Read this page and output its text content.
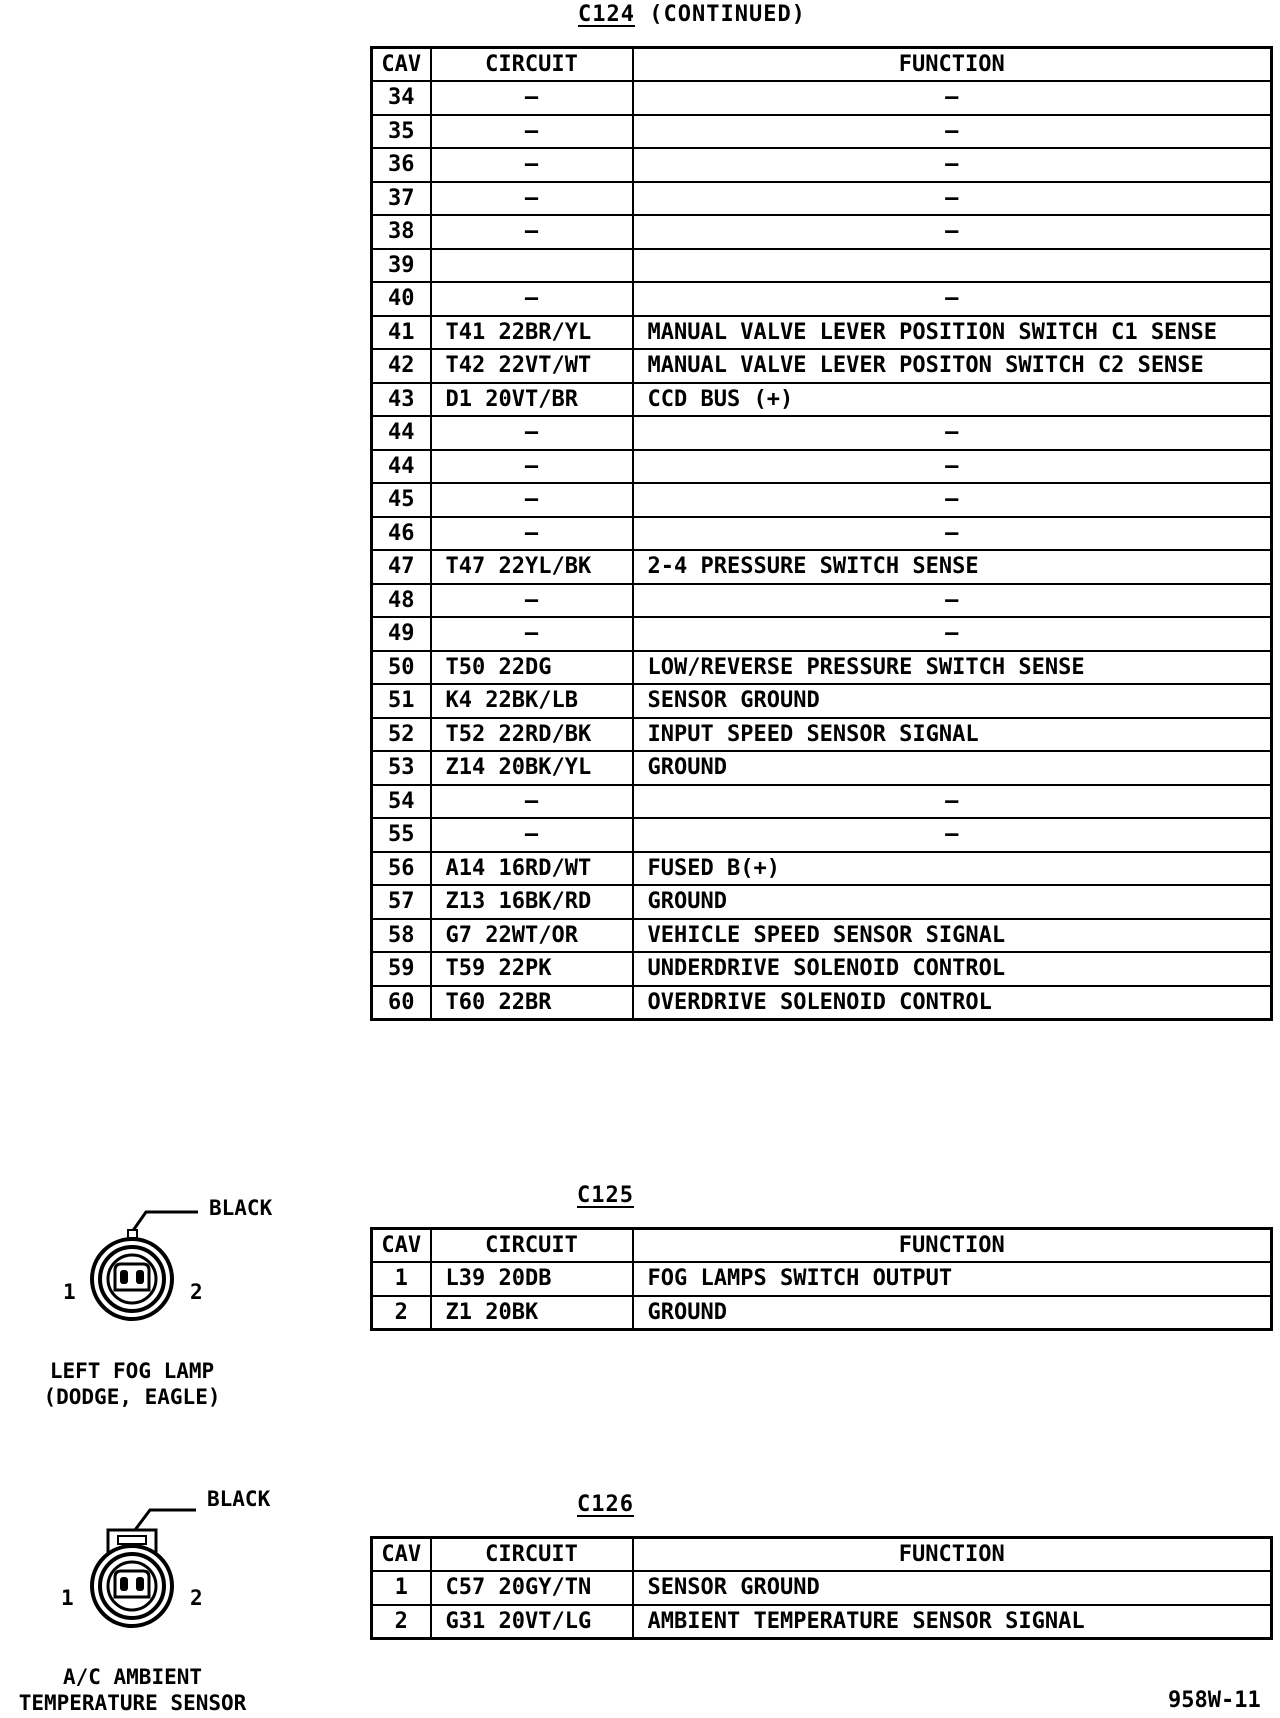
C124 (CONTINUED)
CAV	CIRCUIT	FUNCTION
34	–	–
35	–	–
36	–	–
37	–	–
38	–	–
39		
40	–	–
41	T41 22BR/YL	MANUAL VALVE LEVER POSITION SWITCH C1 SENSE
42	T42 22VT/WT	MANUAL VALVE LEVER POSITON SWITCH C2 SENSE
43	D1 20VT/BR	CCD BUS (+)
44	–	–
44	–	–
45	–	–
46	–	–
47	T47 22YL/BK	2-4 PRESSURE SWITCH SENSE
48	–	–
49	–	–
50	T50 22DG	LOW/REVERSE PRESSURE SWITCH SENSE
51	K4 22BK/LB	SENSOR GROUND
52	T52 22RD/BK	INPUT SPEED SENSOR SIGNAL
53	Z14 20BK/YL	GROUND
54	–	–
55	–	–
56	A14 16RD/WT	FUSED B(+)
57	Z13 16BK/RD	GROUND
58	G7 22WT/OR	VEHICLE SPEED SENSOR SIGNAL
59	T59 22PK	UNDERDRIVE SOLENOID CONTROL
60	T60 22BR	OVERDRIVE SOLENOID CONTROL
C125
CAV	CIRCUIT	FUNCTION
1	L39 20DB	FOG LAMPS SWITCH OUTPUT
2	Z1 20BK	GROUND
BLACK
1	2
LEFT FOG LAMP
(DODGE, EAGLE)
C126
CAV	CIRCUIT	FUNCTION
1	C57 20GY/TN	SENSOR GROUND
2	G31 20VT/LG	AMBIENT TEMPERATURE SENSOR SIGNAL
BLACK
1	2
A/C AMBIENT
TEMPERATURE SENSOR	958W-11
